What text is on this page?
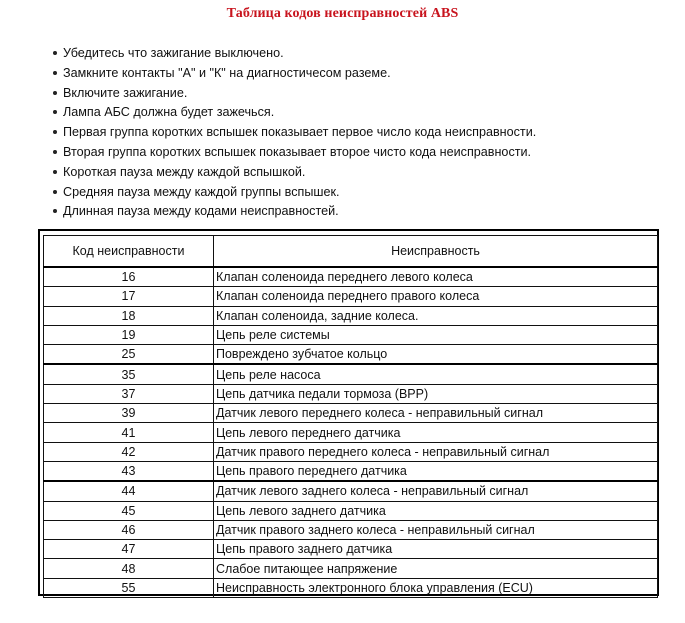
Таблица кодов неисправностей ABS
Убедитесь что зажигание выключено.
Замкните контакты "А" и "К" на диагностичесом раземе.
Включите зажигание.
Лампа АБС должна будет зажечься.
Первая группа коротких вспышек показывает первое число кода неисправности.
Вторая группа коротких вспышек показывает второе чисто кода неисправности.
Короткая пауза между каждой вспышкой.
Средняя пауза между каждой группы вспышек.
Длинная пауза между кодами неисправностей.
Код неисправности	Неисправность
16	Клапан соленоида переднего левого колеса
17	Клапан соленоида переднего правого колеса
18	Клапан соленоида, задние колеса.
19	Цепь реле системы
25	Повреждено зубчатое кольцо
35	Цепь реле насоса
37	Цепь датчика педали тормоза (BPP)
39	Датчик левого переднего колеса - неправильный сигнал
41	Цепь левого переднего датчика
42	Датчик правого переднего колеса - неправильный сигнал
43	Цепь правого переднего датчика
44	Датчик левого заднего колеса - неправильный сигнал
45	Цепь левого заднего датчика
46	Датчик правого заднего колеса - неправильный сигнал
47	Цепь правого заднего датчика
48	Слабое питающее напряжение
55	Неисправность электронного блока управления (ECU)
